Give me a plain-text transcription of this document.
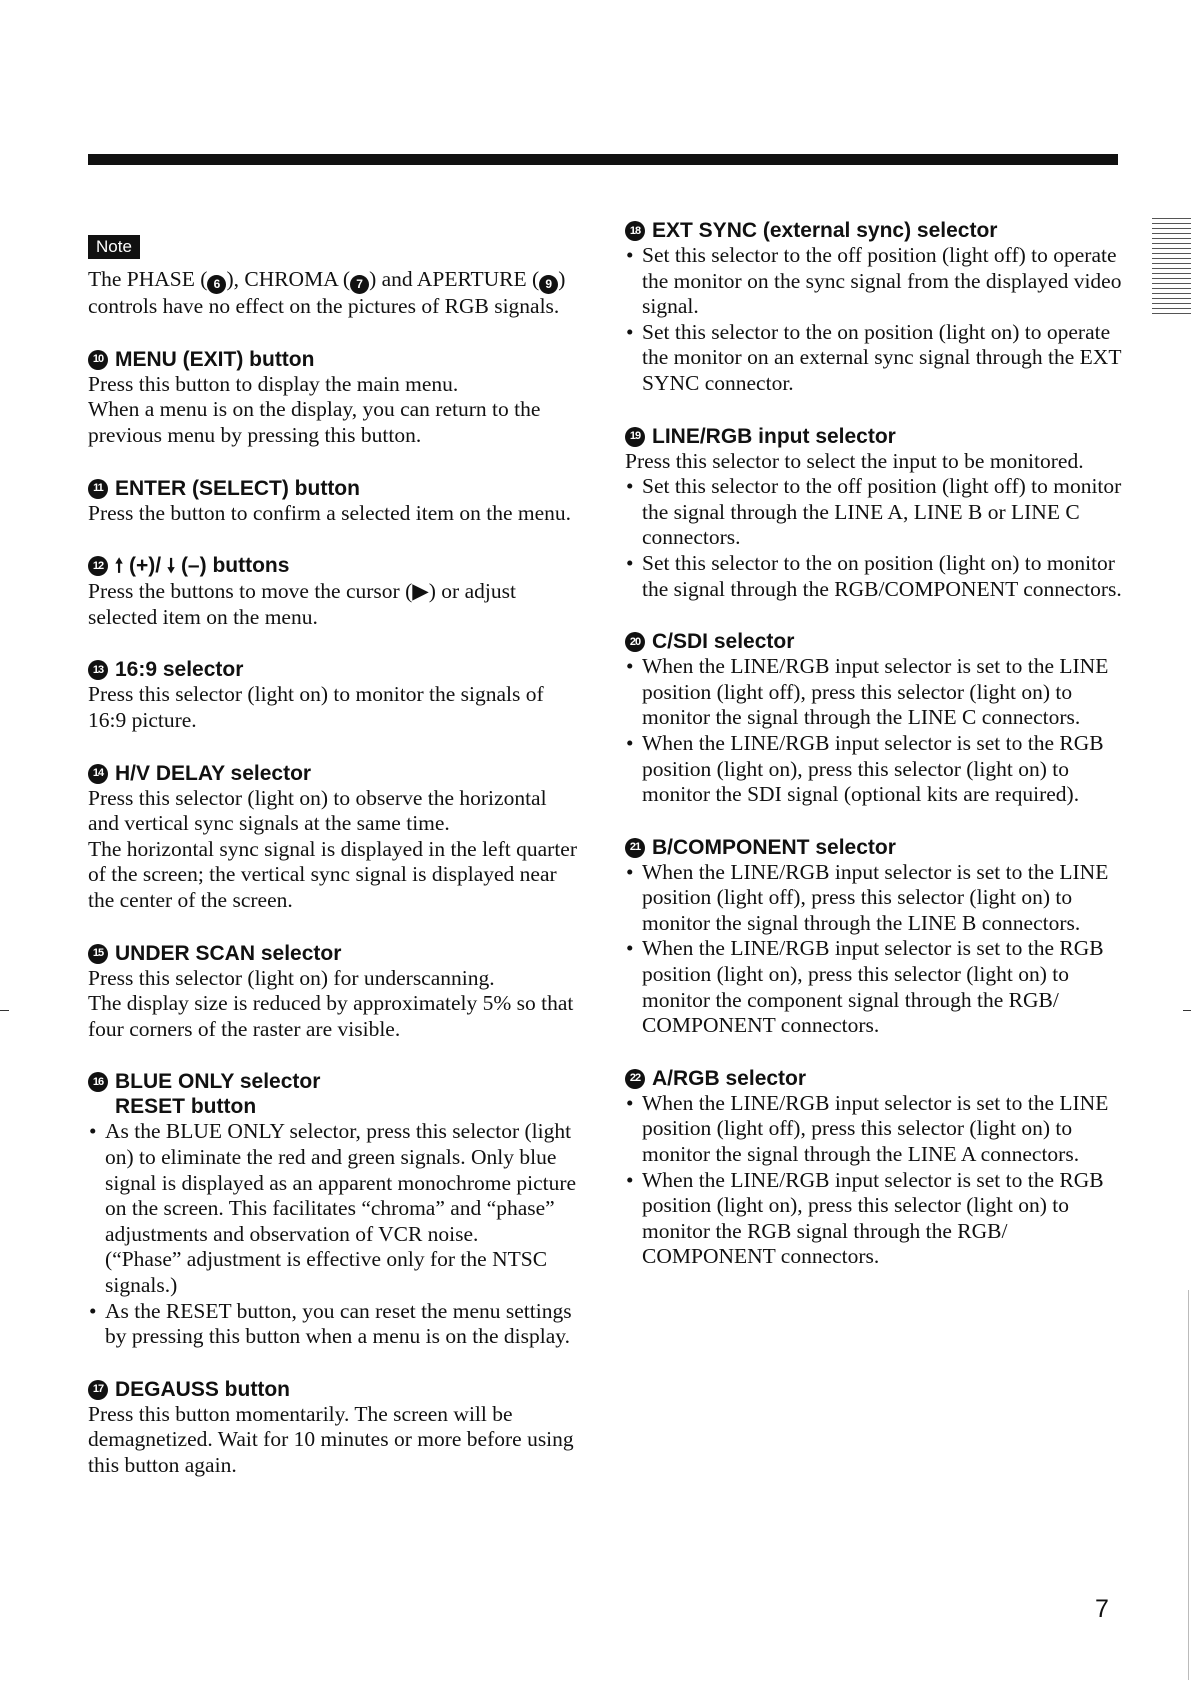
Note

The PHASE ( 6 ), CHROMA ( 7 ) and APERTURE ( 9 ) controls have no effect on the pictures of RGB signals.

10 MENU (EXIT) button

Press this button to display the main menu.

When a menu is on the display, you can return to the previous menu by pressing this button.

11 ENTER (SELECT) button

Press the button to confirm a selected item on the menu.

12 🠕 (+)/ 🠗 (–) buttons

Press the buttons to move the cursor (▶) or adjust selected item on the menu.

13 16:9 selector

Press this selector (light on) to monitor the signals of 16:9 picture.

14 H/V DELAY selector

Press this selector (light on) to observe the horizontal and vertical sync signals at the same time.

The horizontal sync signal is displayed in the left quarter of the screen; the vertical sync signal is displayed near the center of the screen.

15 UNDER SCAN selector

Press this selector (light on) for underscanning.

The display size is reduced by approximately 5% so that four corners of the raster are visible.

16 BLUE ONLY selector
RESET button
• As the BLUE ONLY selector, press this selector (light on) to eliminate the red and green signals. Only blue signal is displayed as an apparent monochrome picture on the screen. This facilitates “chroma” and “phase” adjustments and observation of VCR noise.
(“Phase” adjustment is effective only for the NTSC signals.)
• As the RESET button, you can reset the menu settings by pressing this button when a menu is on the display.
17 DEGAUSS button

Press this button momentarily. The screen will be demagnetized. Wait for 10 minutes or more before using this button again.

18 EXT SYNC (external sync) selector
• Set this selector to the off position (light off) to operate the monitor on the sync signal from the displayed video signal.
• Set this selector to the on position (light on) to operate the monitor on an external sync signal through the EXT SYNC connector.
19 LINE/RGB input selector

Press this selector to select the input to be monitored.

• Set this selector to the off position (light off) to monitor the signal through the LINE A, LINE B or LINE C connectors.
• Set this selector to the on position (light on) to monitor the signal through the RGB/COMPONENT connectors.
20 C/SDI selector
• When the LINE/RGB input selector is set to the LINE position (light off), press this selector (light on) to monitor the signal through the LINE C connectors.
• When the LINE/RGB input selector is set to the RGB position (light on), press this selector (light on) to monitor the SDI signal (optional kits are required).
21 B/COMPONENT selector
• When the LINE/RGB input selector is set to the LINE position (light off), press this selector (light on) to monitor the signal through the LINE B connectors.
• When the LINE/RGB input selector is set to the RGB position (light on), press this selector (light on) to monitor the component signal through the RGB/ COMPONENT connectors.
22 A/RGB selector
• When the LINE/RGB input selector is set to the LINE position (light off), press this selector (light on) to monitor the signal through the LINE A connectors.
• When the LINE/RGB input selector is set to the RGB position (light on), press this selector (light on) to monitor the RGB signal through the RGB/ COMPONENT connectors.
7
